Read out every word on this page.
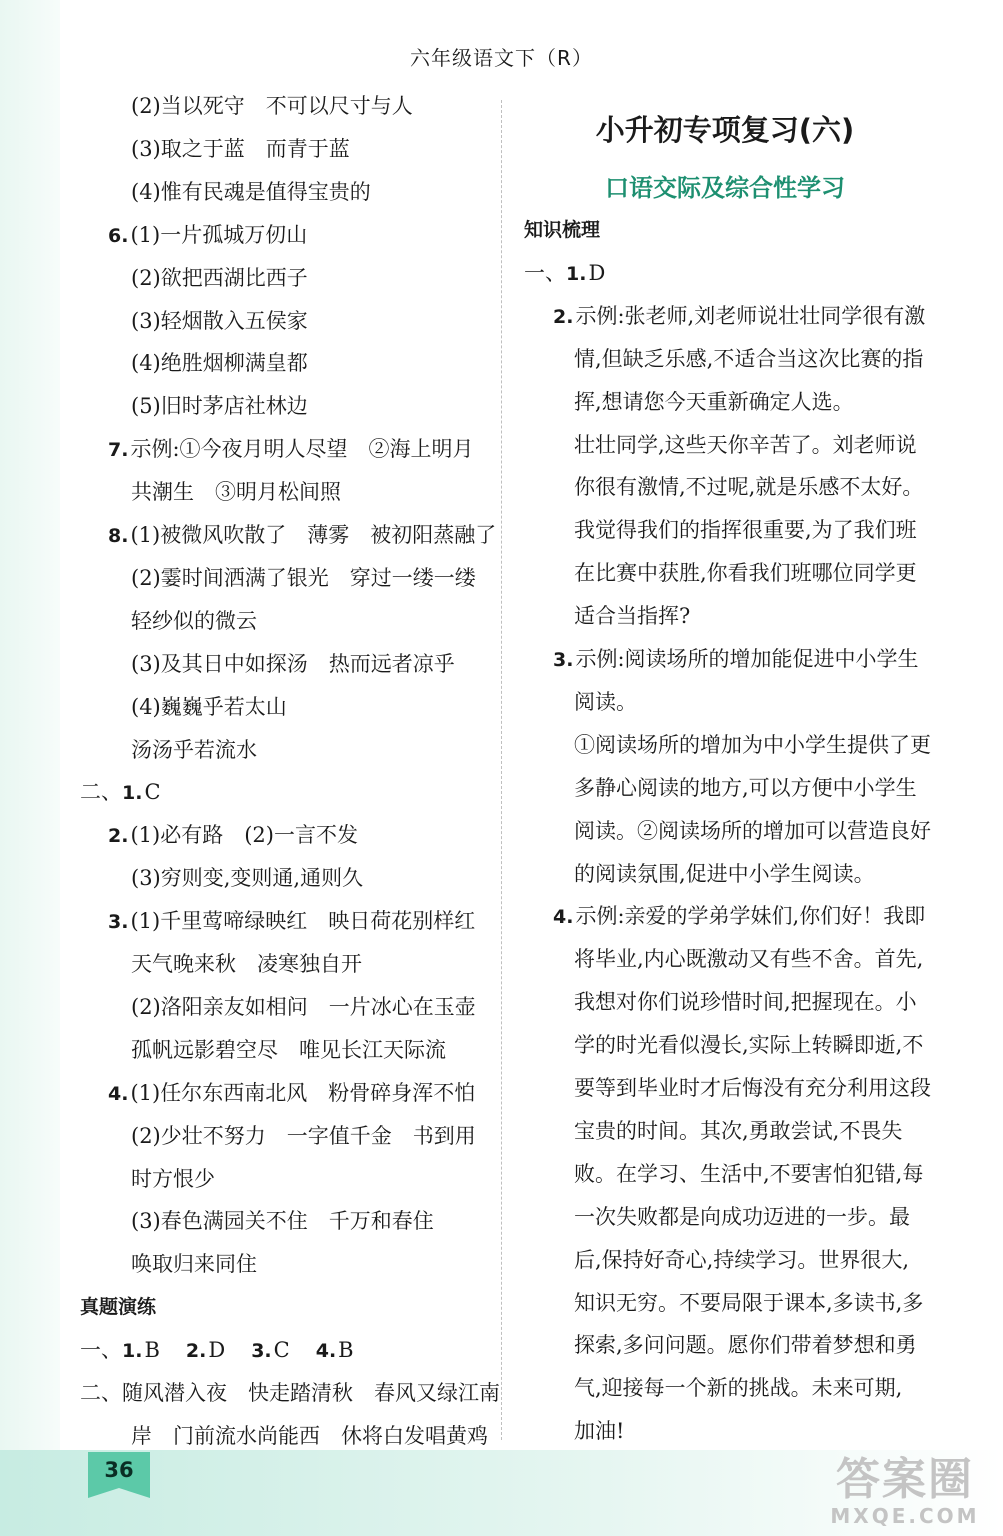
六年级语文下（R）
(2)当以死守　不可以尺寸与人
(3)取之于蓝　而青于蓝
(4)惟有民魂是值得宝贵的
6.(1)一片孤城万仞山
(2)欲把西湖比西子
(3)轻烟散入五侯家
(4)绝胜烟柳满皇都
(5)旧时茅店社林边
7.示例:①今夜月明人尽望　②海上明月
共潮生　③明月松间照
8.(1)被微风吹散了　薄雾　被初阳蒸融了
(2)霎时间洒满了银光　穿过一缕一缕
轻纱似的微云
(3)及其日中如探汤　热而远者凉乎
(4)巍巍乎若太山
汤汤乎若流水
二、1.C
2.(1)必有路　(2)一言不发
(3)穷则变,变则通,通则久
3.(1)千里莺啼绿映红　映日荷花别样红
天气晚来秋　凌寒独自开
(2)洛阳亲友如相问　一片冰心在玉壶
孤帆远影碧空尽　唯见长江天际流
4.(1)任尔东西南北风　粉骨碎身浑不怕
(2)少壮不努力　一字值千金　书到用
时方恨少
(3)春色满园关不住　千万和春住
唤取归来同住
真题演练
一、1.B 2.D 3.C 4.B
二、随风潜入夜　快走踏清秋　春风又绿江南
岸　门前流水尚能西　休将白发唱黄鸡
小升初专项复习(六)
口语交际及综合性学习
知识梳理
一、1.D
2.示例:张老师,刘老师说壮壮同学很有激
情,但缺乏乐感,不适合当这次比赛的指
挥,想请您今天重新确定人选。
壮壮同学,这些天你辛苦了。刘老师说
你很有激情,不过呢,就是乐感不太好。
我觉得我们的指挥很重要,为了我们班
在比赛中获胜,你看我们班哪位同学更
适合当指挥?
3.示例:阅读场所的增加能促进中小学生
阅读。
①阅读场所的增加为中小学生提供了更
多静心阅读的地方,可以方便中小学生
阅读。②阅读场所的增加可以营造良好
的阅读氛围,促进中小学生阅读。
4.示例:亲爱的学弟学妹们,你们好！我即
将毕业,内心既激动又有些不舍。首先,
我想对你们说珍惜时间,把握现在。小
学的时光看似漫长,实际上转瞬即逝,不
要等到毕业时才后悔没有充分利用这段
宝贵的时间。其次,勇敢尝试,不畏失
败。在学习、生活中,不要害怕犯错,每
一次失败都是向成功迈进的一步。最
后,保持好奇心,持续学习。世界很大,
知识无穷。不要局限于课本,多读书,多
探索,多问问题。愿你们带着梦想和勇
气,迎接每一个新的挑战。未来可期,
加油!
36	答案圈
MXQE.COM
